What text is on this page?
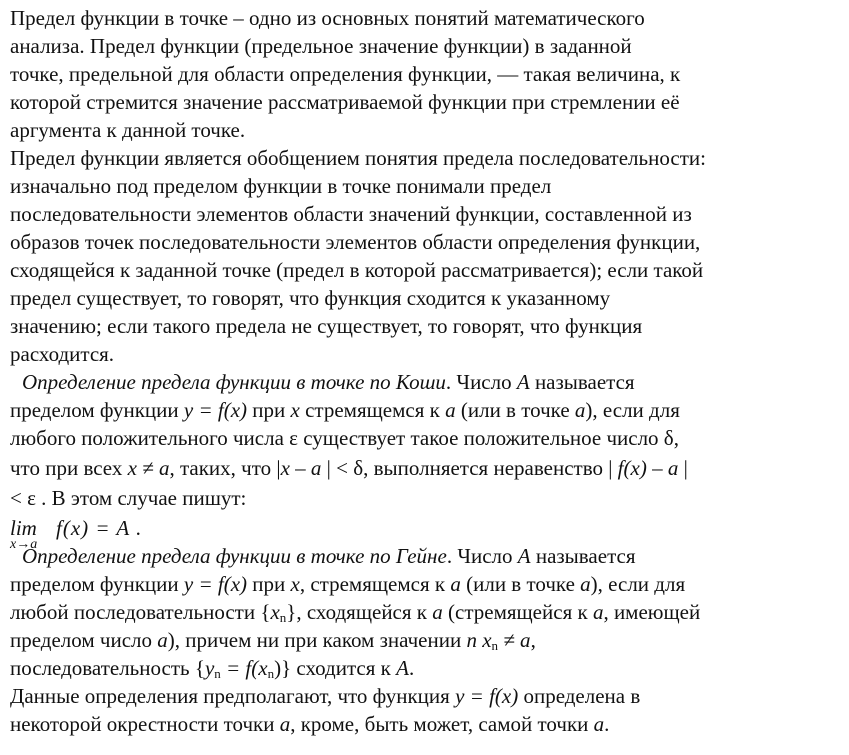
Предел функции в точке – одно из основных понятий математического
анализа. Предел функции (предельное значение функции) в заданной
точке, предельной для области определения функции, — такая величина, к
которой стремится значение рассматриваемой функции при стремлении её
аргумента к данной точке.
Предел функции является обобщением понятия предела последовательности:
изначально под пределом функции в точке понимали предел
последовательности элементов области значений функции, составленной из
образов точек последовательности элементов области определения функции,
сходящейся к заданной точке (предел в которой рассматривается); если такой
предел существует, то говорят, что функция сходится к указанному
значению; если такого предела не существует, то говорят, что функция
расходится.
Определение предела функции в точке по Коши. Число A называется
пределом функции y = f(x) при x стремящемся к a (или в точке a), если для
любого положительного числа ε существует такое положительное число δ,
что при всех x ≠ a, таких, что |x – a | < δ, выполняется неравенство | f(x) – a |
< ε . В этом случае пишут:
lim
x→a
f(x) = A .
Определение предела функции в точке по Гейне. Число A называется
пределом функции y = f(x) при x, стремящемся к a (или в точке a), если для
любой последовательности $\{x_n\}$, сходящейся к a (стремящейся к a, имеющей
пределом число a), причем ни при каком значении n $x_n \ne a$,
последовательность $\{y_n = f(x_n)\}$ сходится к A.
Данные определения предполагают, что функция y = f(x) определена в
некоторой окрестности точки a, кроме, быть может, самой точки a.
